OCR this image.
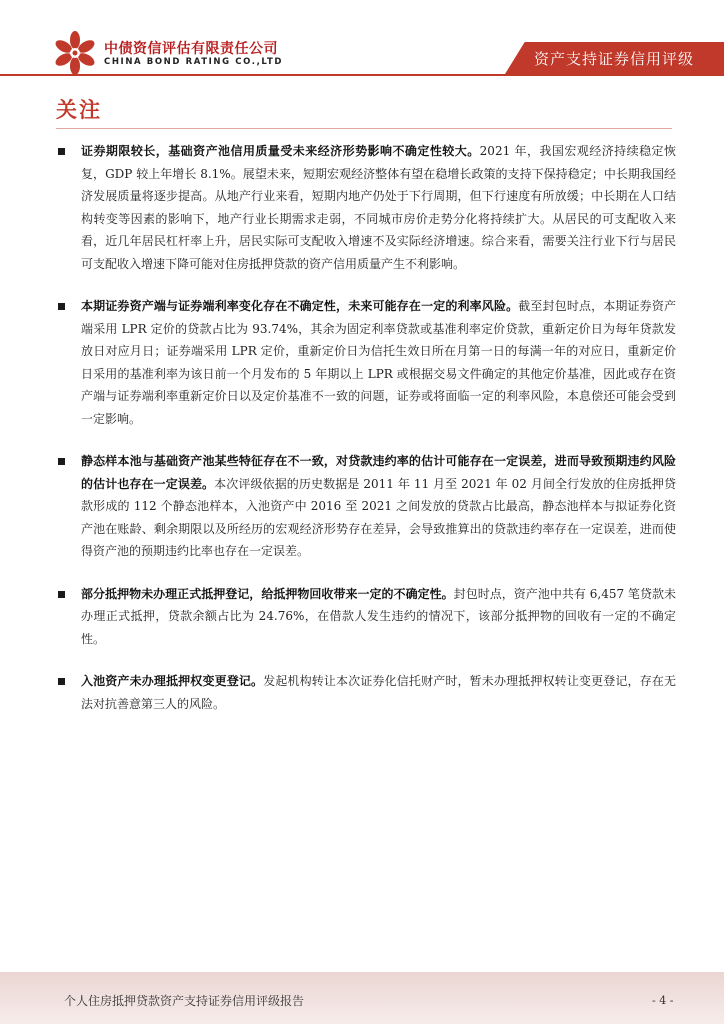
中债资信评估有限责任公司
CHINA BOND RATING CO.,LTD	资产支持证券信用评级
关注

证券期限较长，基础资产池信用质量受未来经济形势影响不确定性较大。2021 年，我国宏观经济持续稳定恢复，GDP 较上年增长 8.1%。展望未来，短期宏观经济整体有望在稳增长政策的支持下保持稳定；中长期我国经济发展质量将逐步提高。从地产行业来看，短期内地产仍处于下行周期，但下行速度有所放缓；中长期在人口结构转变等因素的影响下，地产行业长期需求走弱，不同城市房价走势分化将持续扩大。从居民的可支配收入来看，近几年居民杠杆率上升，居民实际可支配收入增速不及实际经济增速。综合来看，需要关注行业下行与居民可支配收入增速下降可能对住房抵押贷款的资产信用质量产生不利影响。

本期证券资产端与证券端利率变化存在不确定性，未来可能存在一定的利率风险。截至封包时点，本期证券资产端采用 LPR 定价的贷款占比为 93.74%，其余为固定利率贷款或基准利率定价贷款，重新定价日为每年贷款发放日对应月日；证券端采用 LPR 定价，重新定价日为信托生效日所在月第一日的每满一年的对应日，重新定价日采用的基准利率为该日前一个月发布的 5 年期以上 LPR 或根据交易文件确定的其他定价基准，因此或存在资产端与证券端利率重新定价日以及定价基准不一致的问题，证券或将面临一定的利率风险，本息偿还可能会受到一定影响。

静态样本池与基础资产池某些特征存在不一致，对贷款违约率的估计可能存在一定误差，进而导致预期违约风险的估计也存在一定误差。本次评级依据的历史数据是 2011 年 11 月至 2021 年 02 月间全行发放的住房抵押贷款形成的 112 个静态池样本，入池资产中 2016 至 2021 之间发放的贷款占比最高，静态池样本与拟证券化资产池在账龄、剩余期限以及所经历的宏观经济形势存在差异，会导致推算出的贷款违约率存在一定误差，进而使得资产池的预期违约比率也存在一定误差。

部分抵押物未办理正式抵押登记，给抵押物回收带来一定的不确定性。封包时点，资产池中共有 6,457 笔贷款未办理正式抵押，贷款余额占比为 24.76%，在借款人发生违约的情况下，该部分抵押物的回收有一定的不确定性。

入池资产未办理抵押权变更登记。发起机构转让本次证券化信托财产时，暂未办理抵押权转让变更登记，存在无法对抗善意第三人的风险。

个人住房抵押贷款资产支持证券信用评级报告	- 4 -
